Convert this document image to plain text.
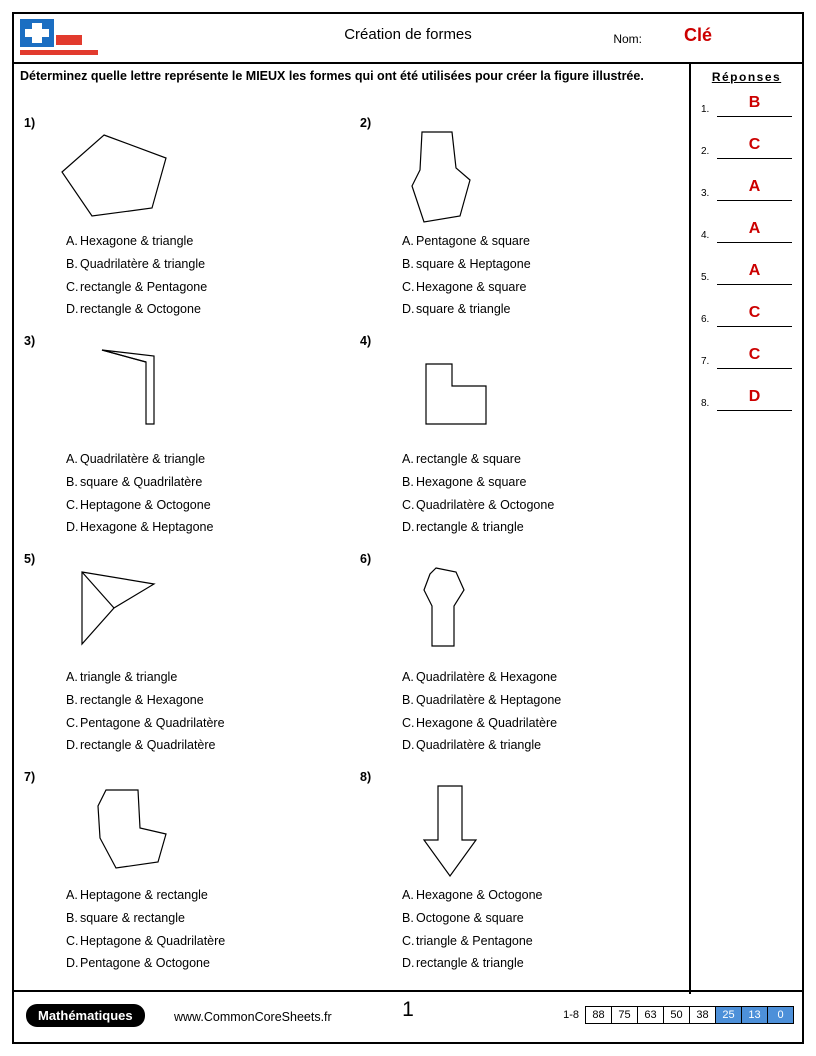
Création de formes	Nom: Clé
Déterminez quelle lettre représente le MIEUX les formes qui ont été utilisées pour créer la figure illustrée.	Réponses
1.	B
2.	C
3.	A
4.	A
5.	A
6.	C
7.	C
8.	D
1)
A. Hexagone & triangle
B. Quadrilatère & triangle
C. rectangle & Pentagone
D. rectangle & Octogone
2)
A. Pentagone & square
B. square & Heptagone
C. Hexagone & square
D. square & triangle
3)
A. Quadrilatère & triangle
B. square & Quadrilatère
C. Heptagone & Octogone
D. Hexagone & Heptagone
4)
A. rectangle & square
B. Hexagone & square
C. Quadrilatère & Octogone
D. rectangle & triangle
5)
A. triangle & triangle
B. rectangle & Hexagone
C. Pentagone & Quadrilatère
D. rectangle & Quadrilatère
6)
A. Quadrilatère & Hexagone
B. Quadrilatère & Heptagone
C. Hexagone & Quadrilatère
D. Quadrilatère & triangle
7)
A. Heptagone & rectangle
B. square & rectangle
C. Heptagone & Quadrilatère
D. Pentagone & Octogone
8)
A. Hexagone & Octogone
B. Octogone & square
C. triangle & Pentagone
D. rectangle & triangle
Mathématiques	www.CommonCoreSheets.fr	1	1-8	88	75	63	50	38	25	13	0
